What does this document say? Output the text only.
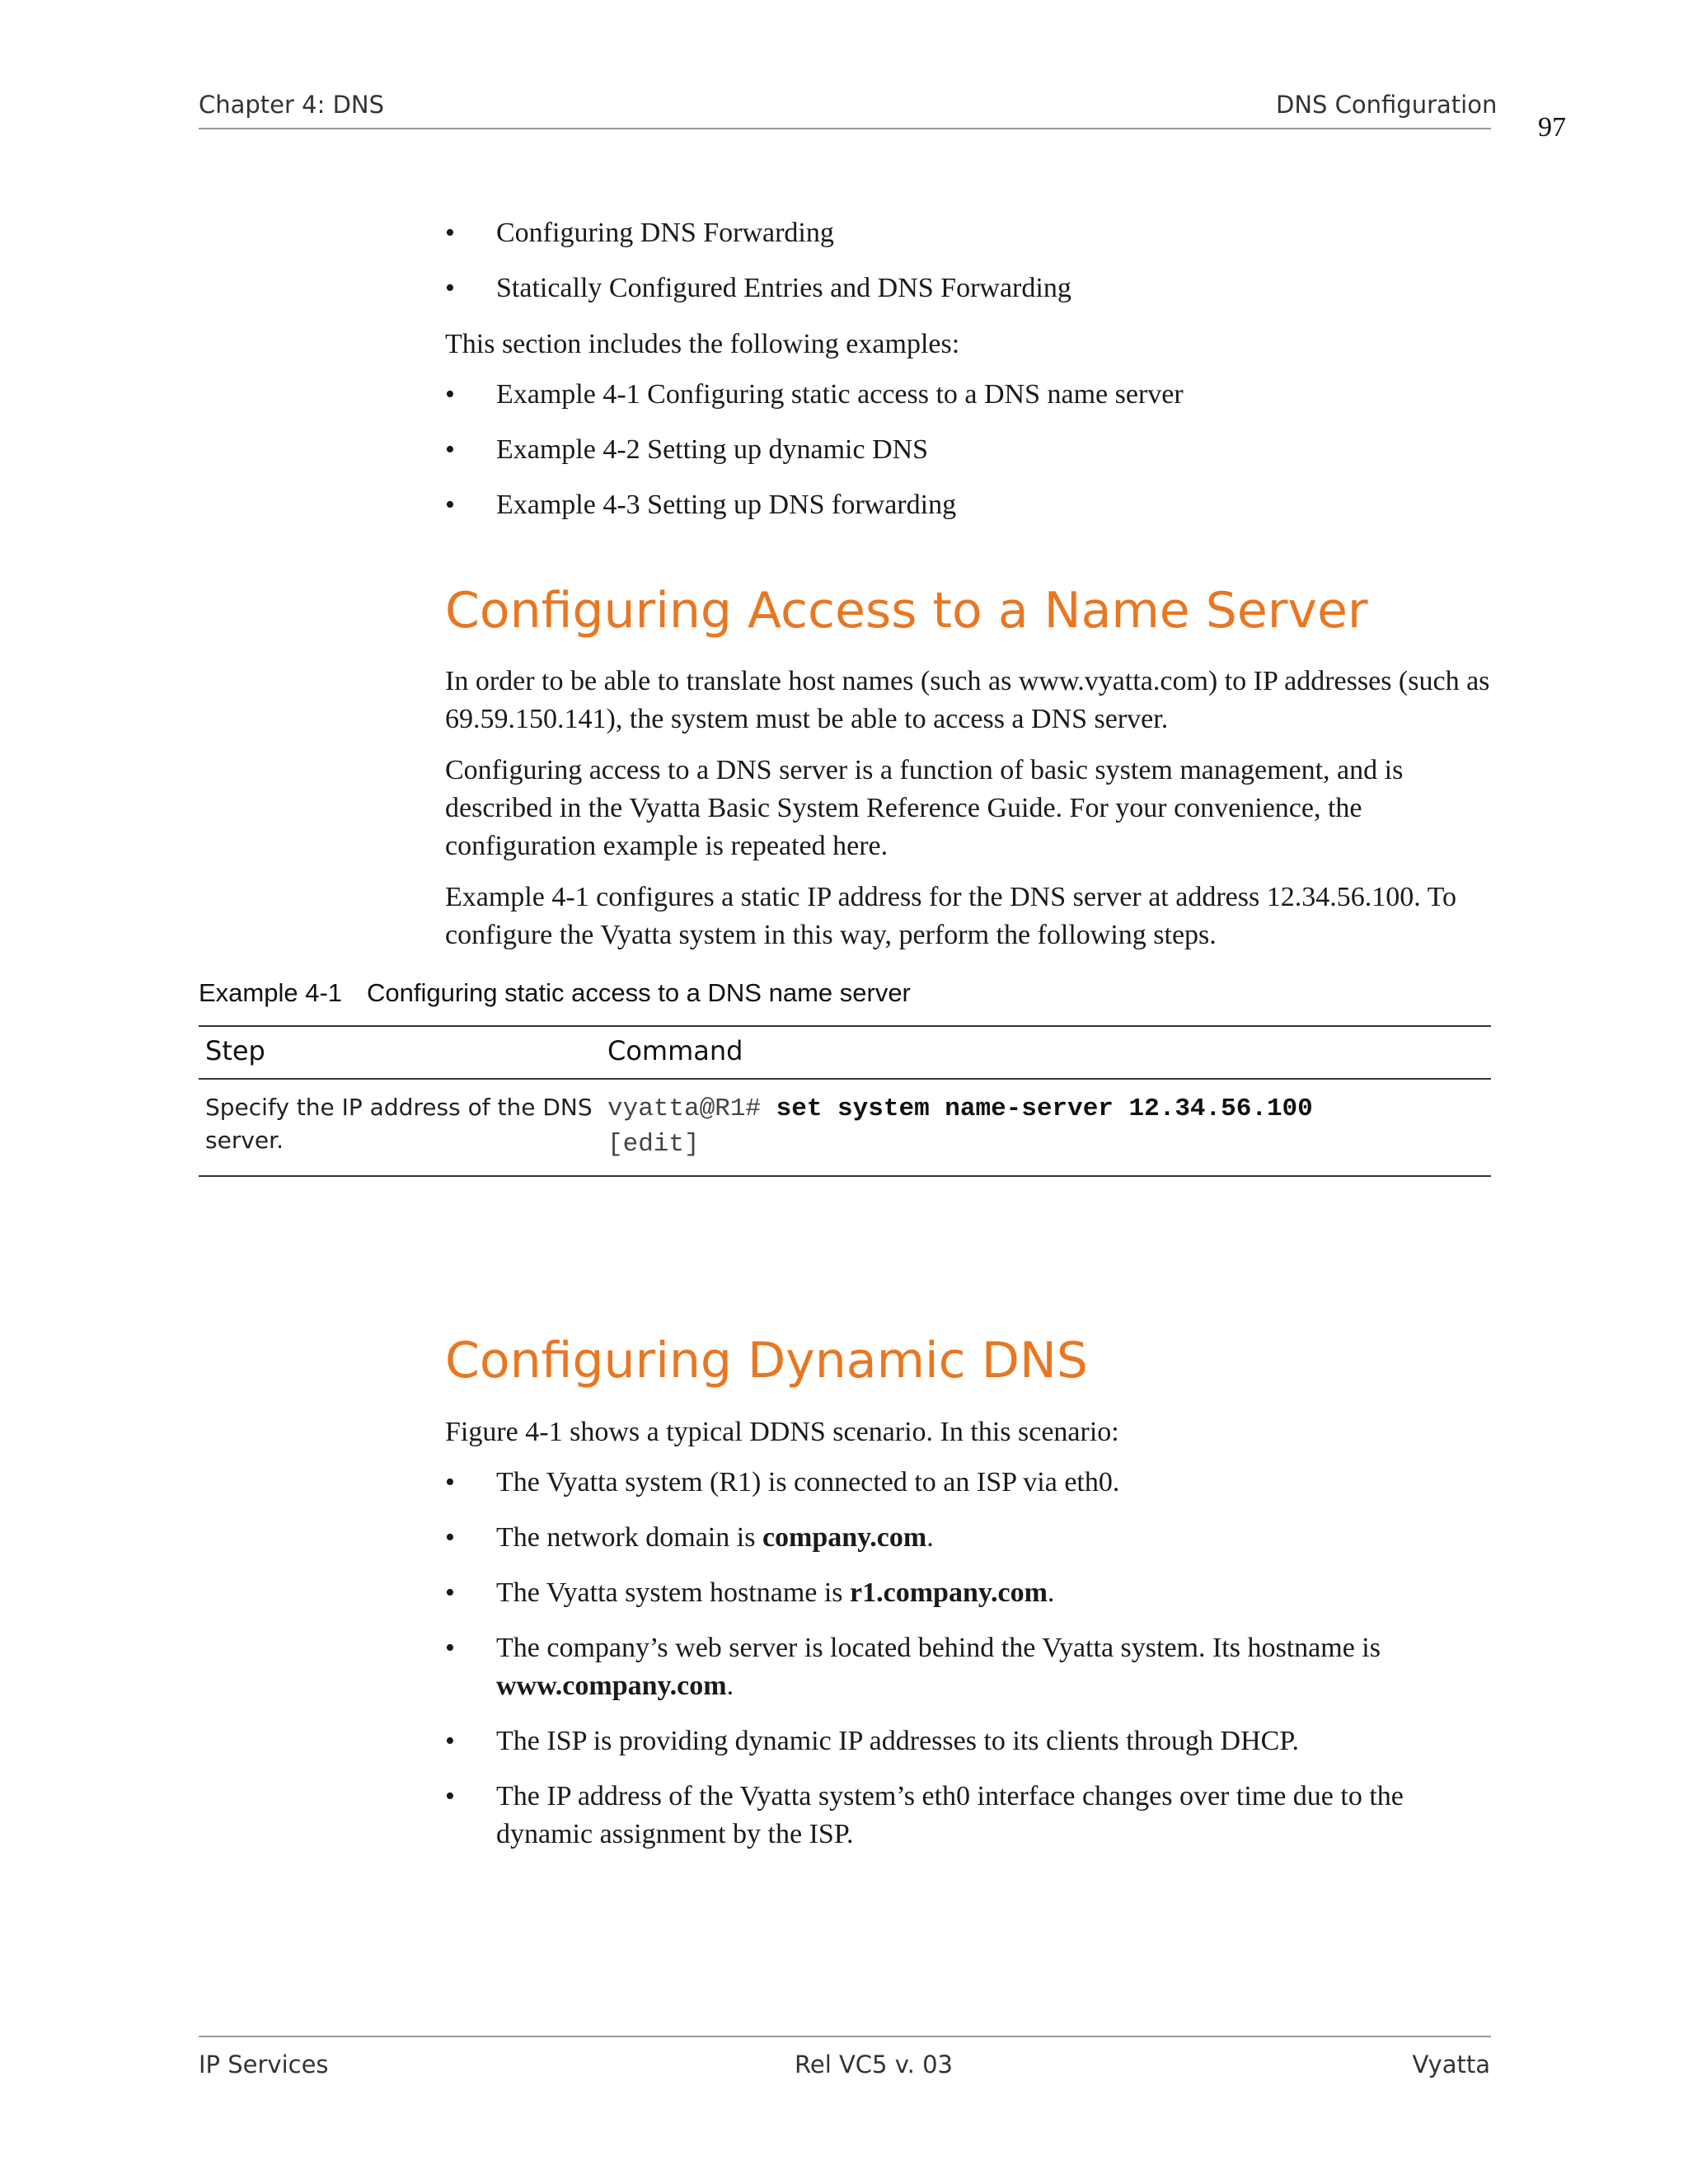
Chapter 4: DNS	DNS Configuration
97
• Configuring DNS Forwarding
• Statically Configured Entries and DNS Forwarding

This section includes the following examples:

• Example 4-1 Configuring static access to a DNS name server
• Example 4-2 Setting up dynamic DNS
• Example 4-3 Setting up DNS forwarding
Configuring Access to a Name Server

In order to be able to translate host names (such as www.vyatta.com) to IP addresses (such as 69.59.150.141), the system must be able to access a DNS server.

Configuring access to a DNS server is a function of basic system management, and is described in the Vyatta Basic System Reference Guide. For your convenience, the configuration example is repeated here.

Example 4-1 configures a static IP address for the DNS server at address 12.34.56.100. To configure the Vyatta system in this way, perform the following steps.

Example 4-1 Configuring static access to a DNS name server
Step	Command

Specify the IP address of the DNS server.	vyatta@R1# set system name-server 12.34.56.100
[edit]
Configuring Dynamic DNS

Figure 4-1 shows a typical DDNS scenario. In this scenario:

• The Vyatta system (R1) is connected to an ISP via eth0.
• The network domain is company.com.
• The Vyatta system hostname is r1.company.com.
• The company’s web server is located behind the Vyatta system. Its hostname is www.company.com.
• The ISP is providing dynamic IP addresses to its clients through DHCP.
• The IP address of the Vyatta system’s eth0 interface changes over time due to the dynamic assignment by the ISP.
IP Services	Rel VC5 v. 03	Vyatta
